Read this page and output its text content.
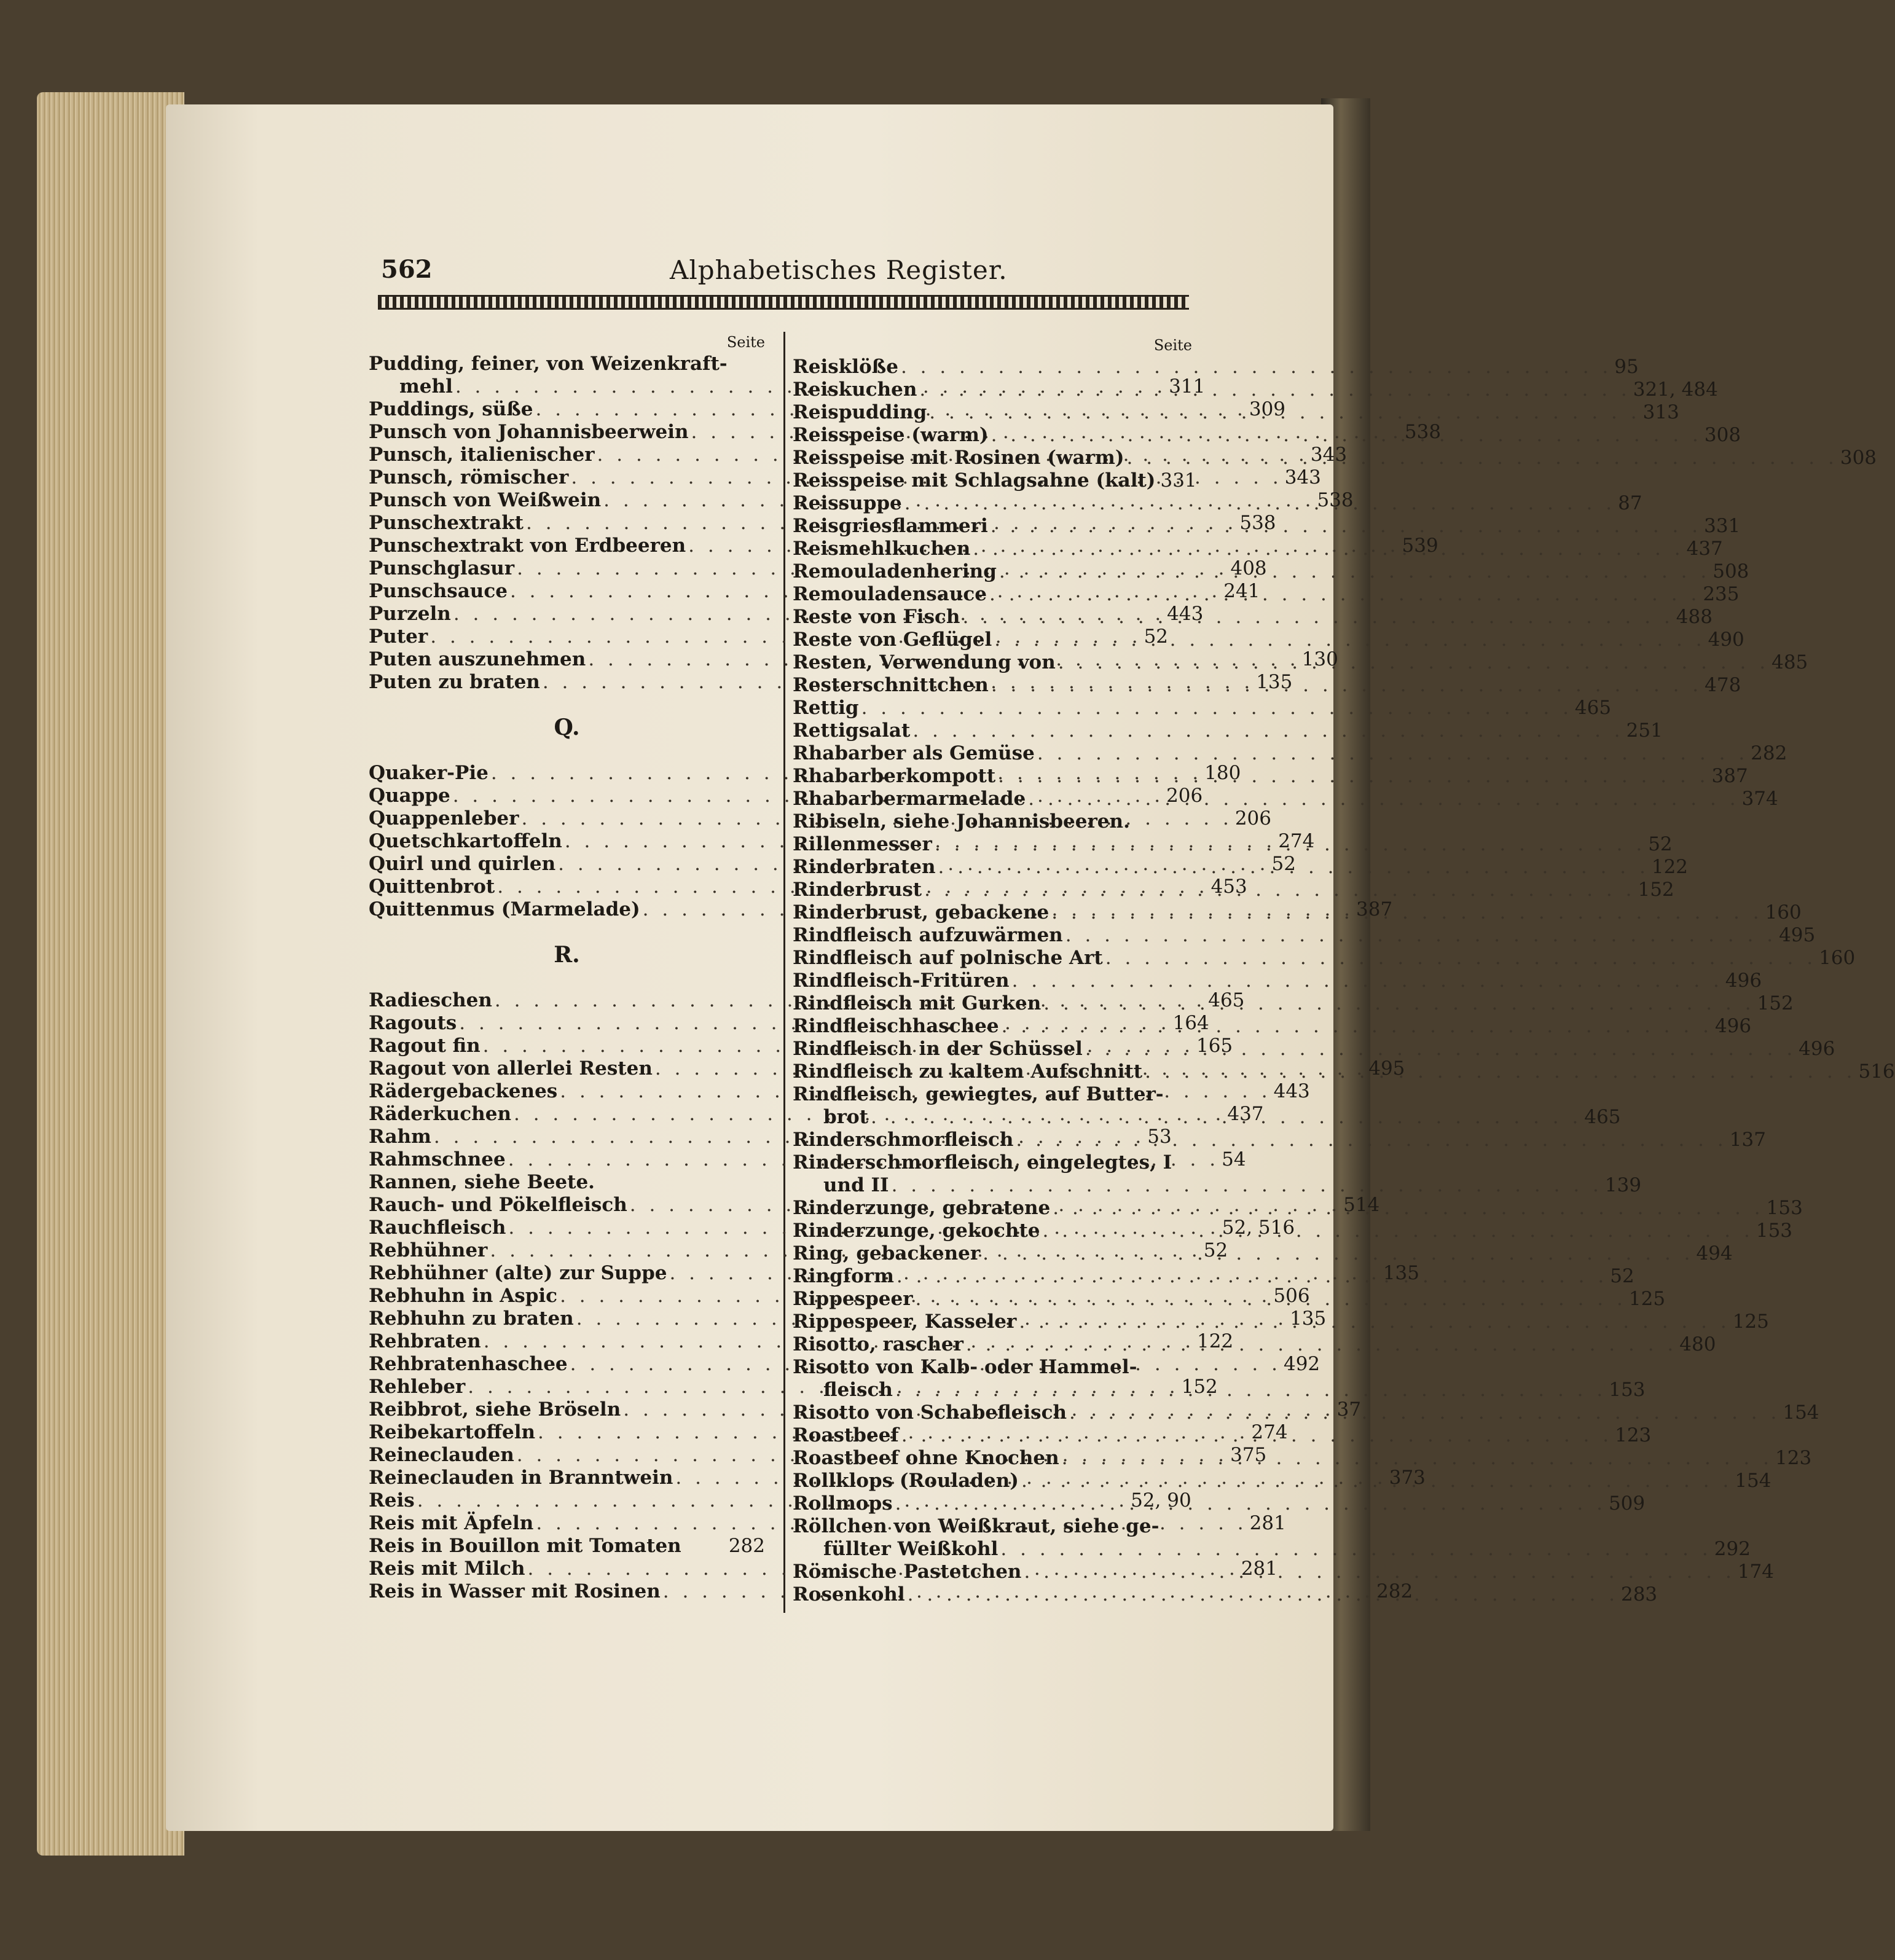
562	Alphabetisches Register.
Seite
Pudding, feiner, von Weizenkraft-
mehl . . .	311
Puddings, süße . . .	309
Punsch von Johannisbeerwein . . .	538
Punsch, italienischer . . .	343
Punsch, römischer . . .	343
Punsch von Weißwein . . .	538
Punschextrakt . . .	538
Punschextrakt von Erdbeeren . . .	539
Punschglasur . . .	408
Punschsauce . . .	241
Purzeln . . .	443
Puter . . .	52
Puten auszunehmen . . .	130
Puten zu braten . . .	135
Q.
Quaker-Pie . . .	180
Quappe . . .	206
Quappenleber . . .	206
Quetschkartoffeln . . .	274
Quirl und quirlen . . .	52
Quittenbrot . . .	453
Quittenmus (Marmelade) . . .	387
R.
Radieschen . . .	465
Ragouts . . .	164
Ragout fin . . .	165
Ragout von allerlei Resten . . .	495
Rädergebackenes . . .	443
Räderkuchen . . .	437
Rahm . . .	53
Rahmschnee . . .	54
Rannen, siehe Beete.
Rauch- und Pökelfleisch . . .	514
Rauchfleisch . . .	52, 516
Rebhühner . . .	52
Rebhühner (alte) zur Suppe . . .	135
Rebhuhn in Aspic . . .	506
Rebhuhn zu braten . . .	135
Rehbraten . . .	122
Rehbratenhaschee . . .	492
Rehleber . . .	152
Reibbrot, siehe Bröseln . . .	37
Reibekartoffeln . . .	274
Reineclauden . . .	375
Reineclauden in Branntwein . . .	373
Reis . . .	52, 90
Reis mit Äpfeln . . .	281
Reis in Bouillon mit Tomaten 282
Reis mit Milch . . .	281
Reis in Wasser mit Rosinen . . .	282
Seite
Reisklöße . . .	95
Reiskuchen . . .	321, 484
Reispudding . . .	313
Reisspeise (warm) . . .	308
Reisspeise mit Rosinen (warm) . . .	308
Reisspeise mit Schlagsahne (kalt) 331
Reissuppe . . .	87
Reisgriesflammeri . . .	331
Reismehlkuchen . . .	437
Remouladenhering . . .	508
Remouladensauce . . .	235
Reste von Fisch . . .	488
Reste von Geflügel . . .	490
Resten, Verwendung von . . .	485
Resterschnittchen . . .	478
Rettig . . .	465
Rettigsalat . . .	251
Rhabarber als Gemüse . . .	282
Rhabarberkompott . . .	387
Rhabarbermarmelade . . .	374
Ribiseln, siehe Johannisbeeren.
Rillenmesser . . .	52
Rinderbraten . . .	122
Rinderbrust . . .	152
Rinderbrust, gebackene . . .	160
Rindfleisch aufzuwärmen . . .	495
Rindfleisch auf polnische Art . . .	160
Rindfleisch-Fritüren . . .	496
Rindfleisch mit Gurken . . .	152
Rindfleischhaschee . . .	496
Rindfleisch in der Schüssel . . .	496
Rindfleisch zu kaltem Aufschnitt . . .	516
Rindfleisch, gewiegtes, auf Butter-
brot . . .	465
Rinderschmorfleisch . . .	137
Rinderschmorfleisch, eingelegtes, I
und II . . .	139
Rinderzunge, gebratene . . .	153
Rinderzunge, gekochte . . .	153
Ring, gebackener . . .	494
Ringform . . .	52
Rippespeer . . .	125
Rippespeer, Kasseler . . .	125
Risotto, rascher . . .	480
Risotto von Kalb- oder Hammel-
fleisch . . .	153
Risotto von Schabefleisch . . .	154
Roastbeef . . .	123
Roastbeef ohne Knochen . . .	123
Rollklops (Rouladen) . . .	154
Rollmops . . .	509
Röllchen von Weißkraut, siehe ge-
füllter Weißkohl . . .	292
Römische Pastetchen . . .	174
Rosenkohl . . .	283
